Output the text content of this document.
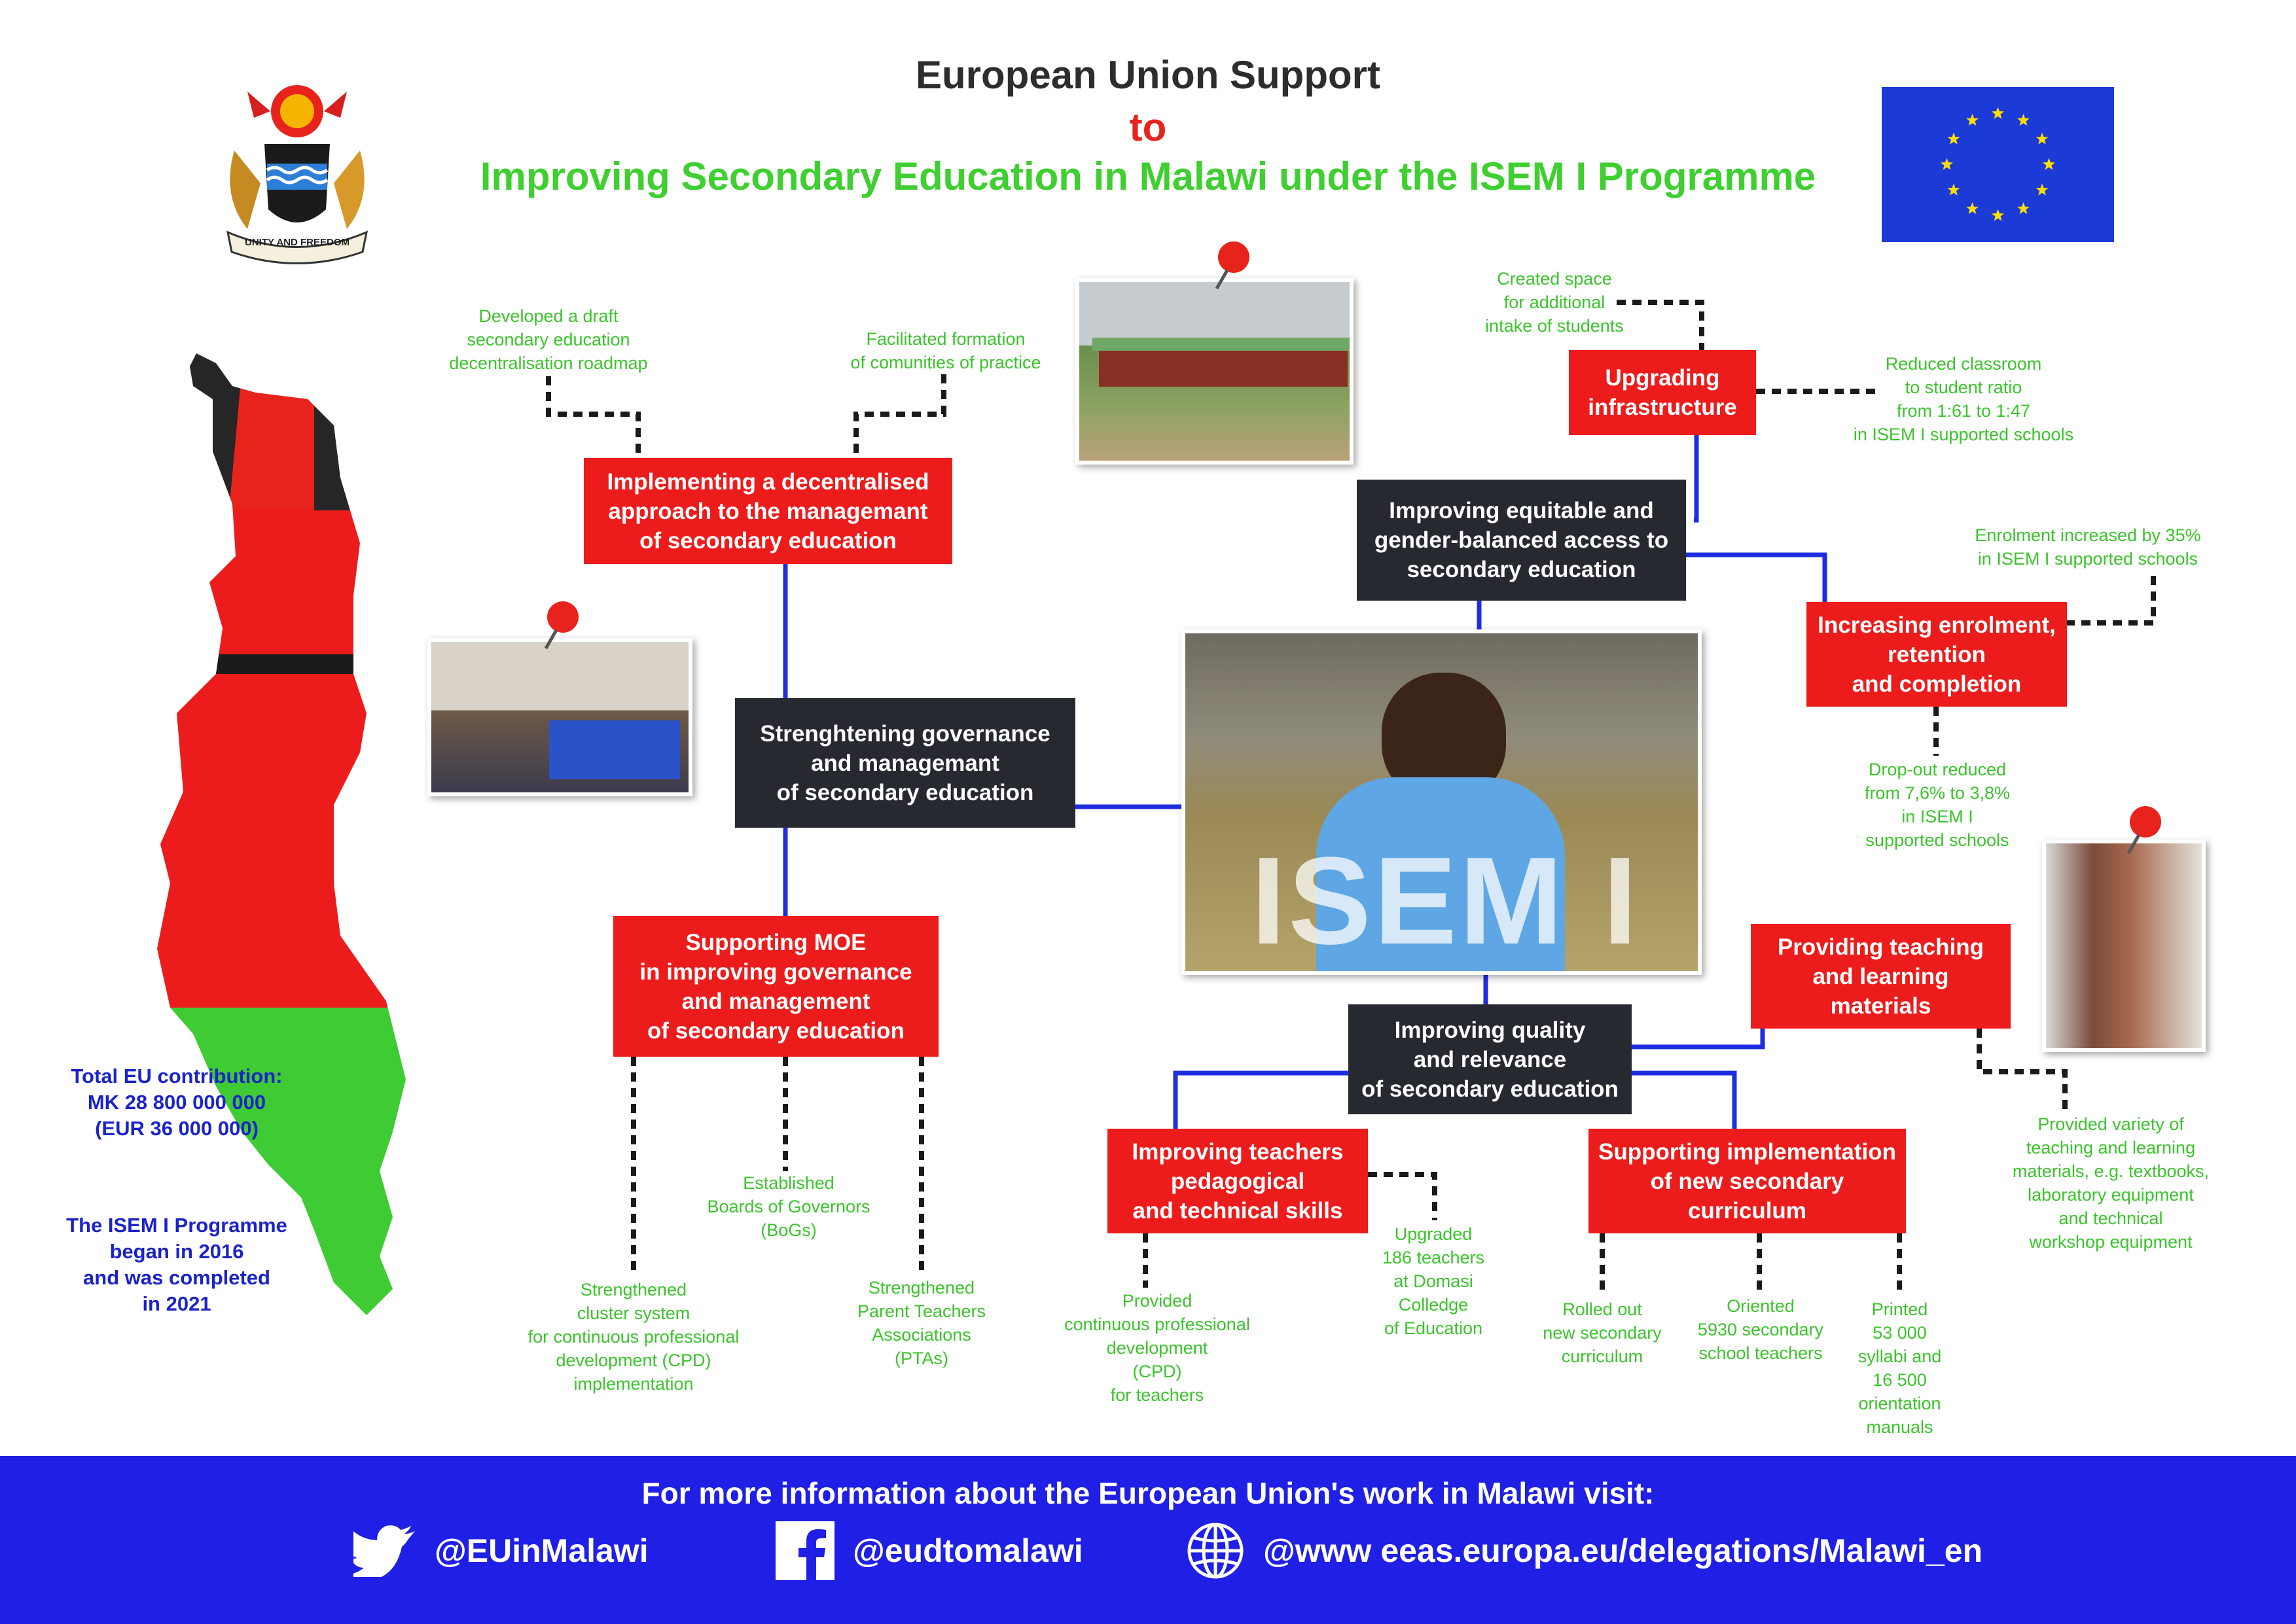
European Union Support
to
Improving Secondary Education in Malawi under the ISEM I Programme
UNITY AND FREEDOM
Total EU contribution:
MK 28 800 000 000
(EUR 36 000 000)
The ISEM I Programme
began in 2016
and was completed
in 2021
ISEM I
Strenghtening governance
and managemant
of secondary education
Improving equitable and
gender-balanced access to
secondary education
Improving quality
and relevance
of secondary education
Implementing a decentralised
approach to the managemant
of secondary education
Supporting MOE
in improving governance
and management
of secondary education
Upgrading
infrastructure
Increasing enrolment,
retention
and completion
Providing teaching
and learning
materials
Improving teachers
pedagogical
and technical skills
Supporting implementation
of new secondary
curriculum
Developed a draft
secondary education
decentralisation roadmap
Facilitated formation
of comunities of practice
Created space
for additional
intake of students
Reduced classroom
to student ratio
from 1:61 to 1:47
in ISEM I supported schools
Enrolment increased by 35%
in ISEM I supported schools
Drop-out reduced
from 7,6% to 3,8%
in ISEM I
supported schools
Provided variety of
teaching and learning
materials, e.g. textbooks,
laboratory equipment
and technical
workshop equipment
Established
Boards of Governors
(BoGs)
Strengthened
cluster system
for continuous professional
development (CPD)
implementation
Strengthened
Parent Teachers
Associations
(PTAs)
Provided
continuous professional
development
(CPD)
for teachers
Upgraded
186 teachers
at Domasi
Colledge
of Education
Rolled out
new secondary
curriculum
Oriented
5930 secondary
school teachers
Printed
53 000
syllabi and
16 500
orientation
manuals
For more information about the European Union's work in Malawi visit:
@EUinMalawi	@eudtomalawi	@www eeas.europa.eu/delegations/Malawi_en
